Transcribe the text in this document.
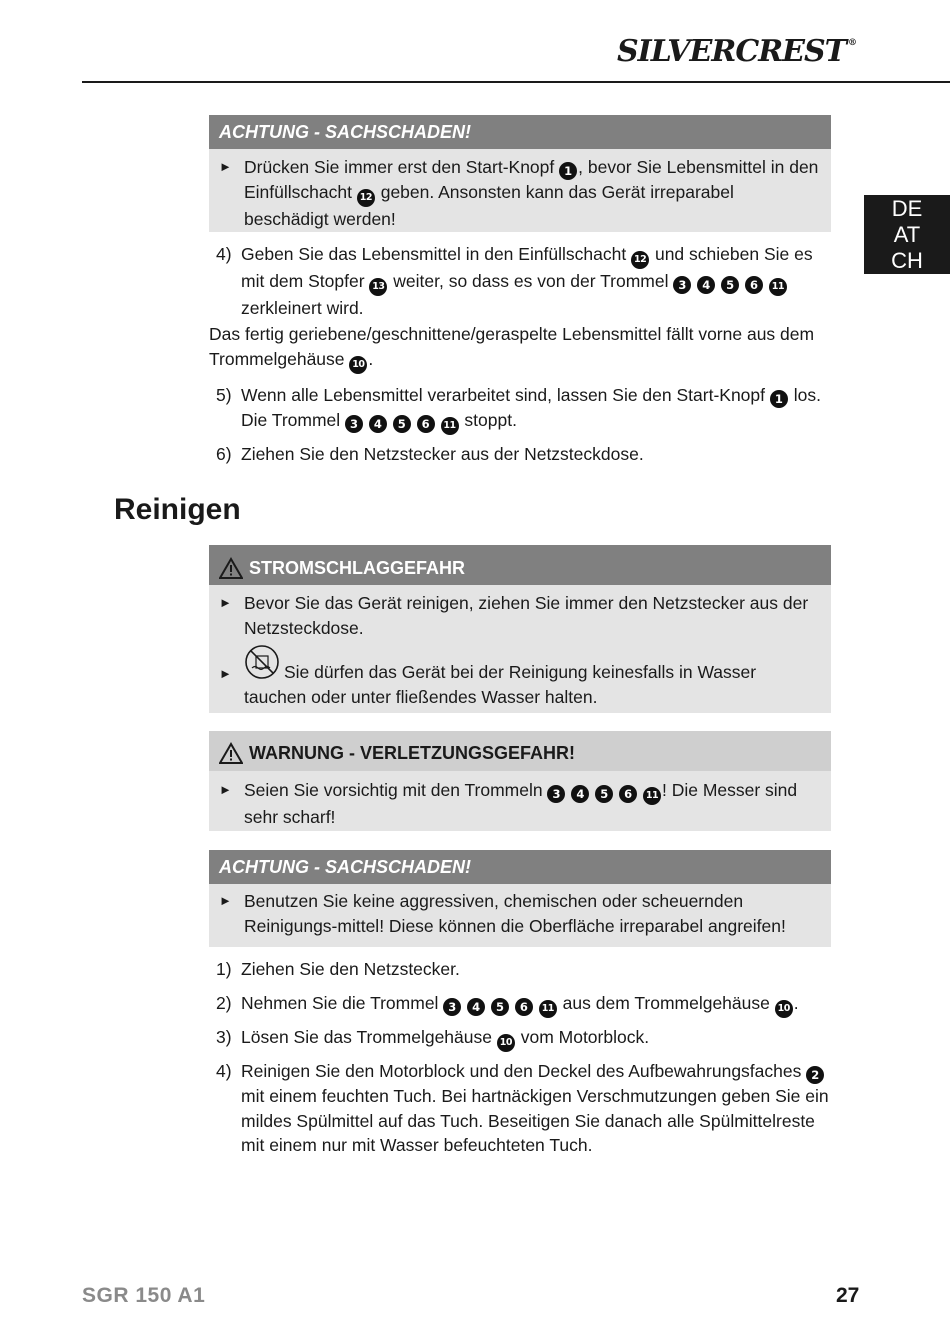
SILVERCREST ®
DE
AT
CH
ACHTUNG - SACHSCHADEN!
► Drücken Sie immer erst den Start-Knopf 1 , bevor Sie Lebensmittel in den Einfüllschacht 12 geben. Ansonsten kann das Gerät irreparabel beschädigt werden!
4) Geben Sie das Lebensmittel in den Einfüllschacht 12 und schieben Sie es mit dem Stopfer 13 weiter, so dass es von der Trommel 3 4 5 6 11 zerkleinert wird.
Das fertig geriebene/geschnittene/geraspelte Lebensmittel fällt vorne aus dem Trommelgehäuse 10 .
5) Wenn alle Lebensmittel verarbeitet sind, lassen Sie den Start-Knopf 1 los. Die Trommel 3 4 5 6 11 stoppt.
6) Ziehen Sie den Netzstecker aus der Netzsteckdose.
Reinigen
STROMSCHLAGGEFAHR
► Bevor Sie das Gerät reinigen, ziehen Sie immer den Netzstecker aus der Netzsteckdose.
►	Sie dürfen das Gerät bei der Reinigung keinesfalls in Wasser tauchen oder unter fließendes Wasser halten.
WARNUNG - VERLETZUNGSGEFAHR!
► Seien Sie vorsichtig mit den Trommeln 3 4 5 6 11 ! Die Messer sind sehr scharf!
ACHTUNG - SACHSCHADEN!
► Benutzen Sie keine aggressiven, chemischen oder scheuernden Reinigungs-mittel! Diese können die Oberfläche irreparabel angreifen!
1) Ziehen Sie den Netzstecker.
2) Nehmen Sie die Trommel 3 4 5 6 11 aus dem Trommelgehäuse 10 .
3) Lösen Sie das Trommelgehäuse 10 vom Motorblock.
4) Reinigen Sie den Motorblock und den Deckel des Aufbewahrungsfaches 2 mit einem feuchten Tuch. Bei hartnäckigen Verschmutzungen geben Sie ein mildes Spülmittel auf das Tuch. Beseitigen Sie danach alle Spülmittelreste mit einem nur mit Wasser befeuchteten Tuch.
SGR 150 A1	27
